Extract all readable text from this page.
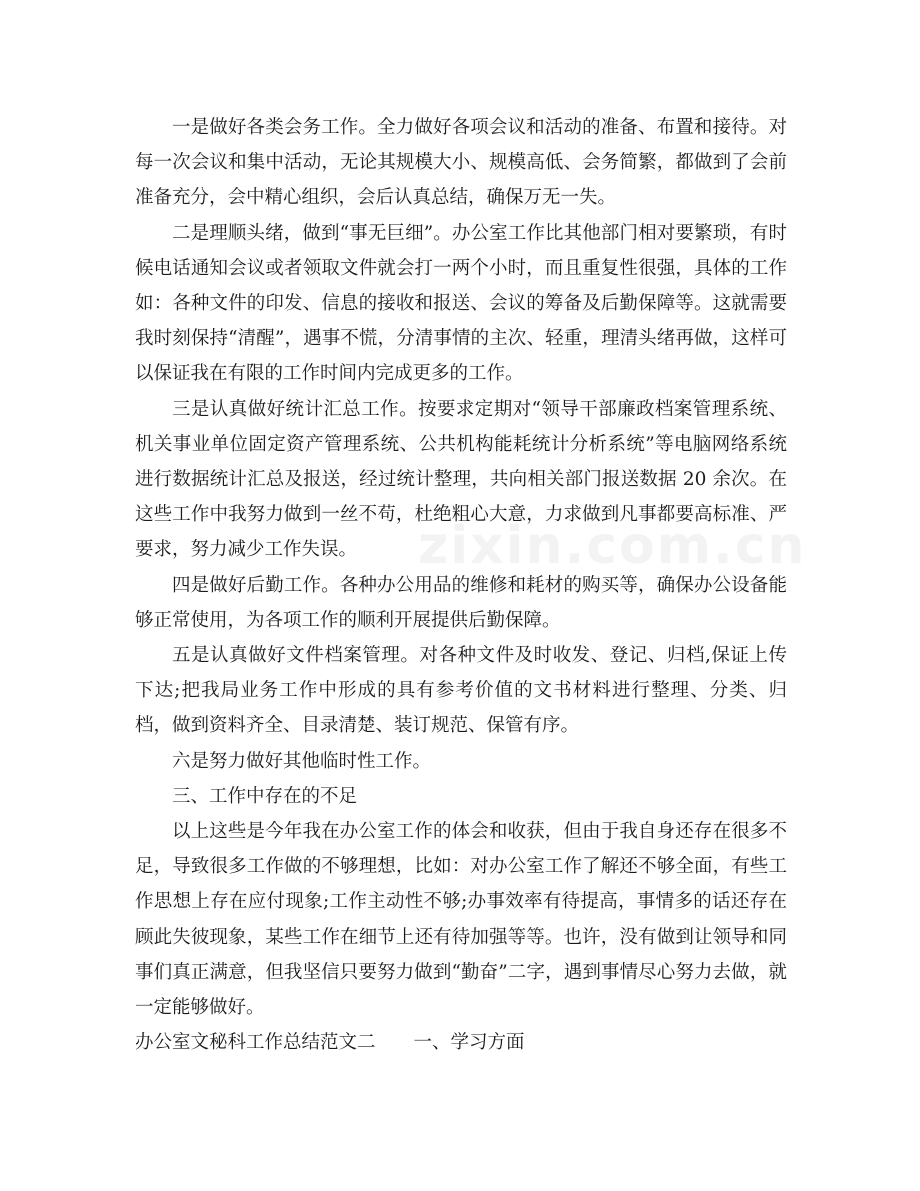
一是做好各类会务工作。全力做好各项会议和活动的准备、布置和接待。对每一次会议和集中活动，无论其规模大小、规模高低、会务简繁，都做到了会前准备充分，会中精心组织，会后认真总结，确保万无一失。

二是理顺头绪，做到“事无巨细”。办公室工作比其他部门相对要繁琐，有时候电话通知会议或者领取文件就会打一两个小时，而且重复性很强，具体的工作如：各种文件的印发、信息的接收和报送、会议的筹备及后勤保障等。这就需要我时刻保持“清醒”，遇事不慌，分清事情的主次、轻重，理清头绪再做，这样可以保证我在有限的工作时间内完成更多的工作。

三是认真做好统计汇总工作。按要求定期对“领导干部廉政档案管理系统、机关事业单位固定资产管理系统、公共机构能耗统计分析系统”等电脑网络系统进行数据统计汇总及报送，经过统计整理，共向相关部门报送数据 20 余次。在这些工作中我努力做到一丝不苟，杜绝粗心大意，力求做到凡事都要高标准、严要求，努力减少工作失误。

四是做好后勤工作。各种办公用品的维修和耗材的购买等，确保办公设备能够正常使用，为各项工作的顺利开展提供后勤保障。

五是认真做好文件档案管理。对各种文件及时收发、登记、归档,保证上传下达;把我局业务工作中形成的具有参考价值的文书材料进行整理、分类、归档，做到资料齐全、目录清楚、装订规范、保管有序。

六是努力做好其他临时性工作。

三、工作中存在的不足

以上这些是今年我在办公室工作的体会和收获，但由于我自身还存在很多不足，导致很多工作做的不够理想，比如：对办公室工作了解还不够全面，有些工作思想上存在应付现象;工作主动性不够;办事效率有待提高，事情多的话还存在顾此失彼现象，某些工作在细节上还有待加强等等。也许，没有做到让领导和同事们真正满意，但我坚信只要努力做到“勤奋”二字，遇到事情尽心努力去做，就一定能够做好。

办公室文秘科工作总结范文二 一、学习方面

zixin.com.cn
